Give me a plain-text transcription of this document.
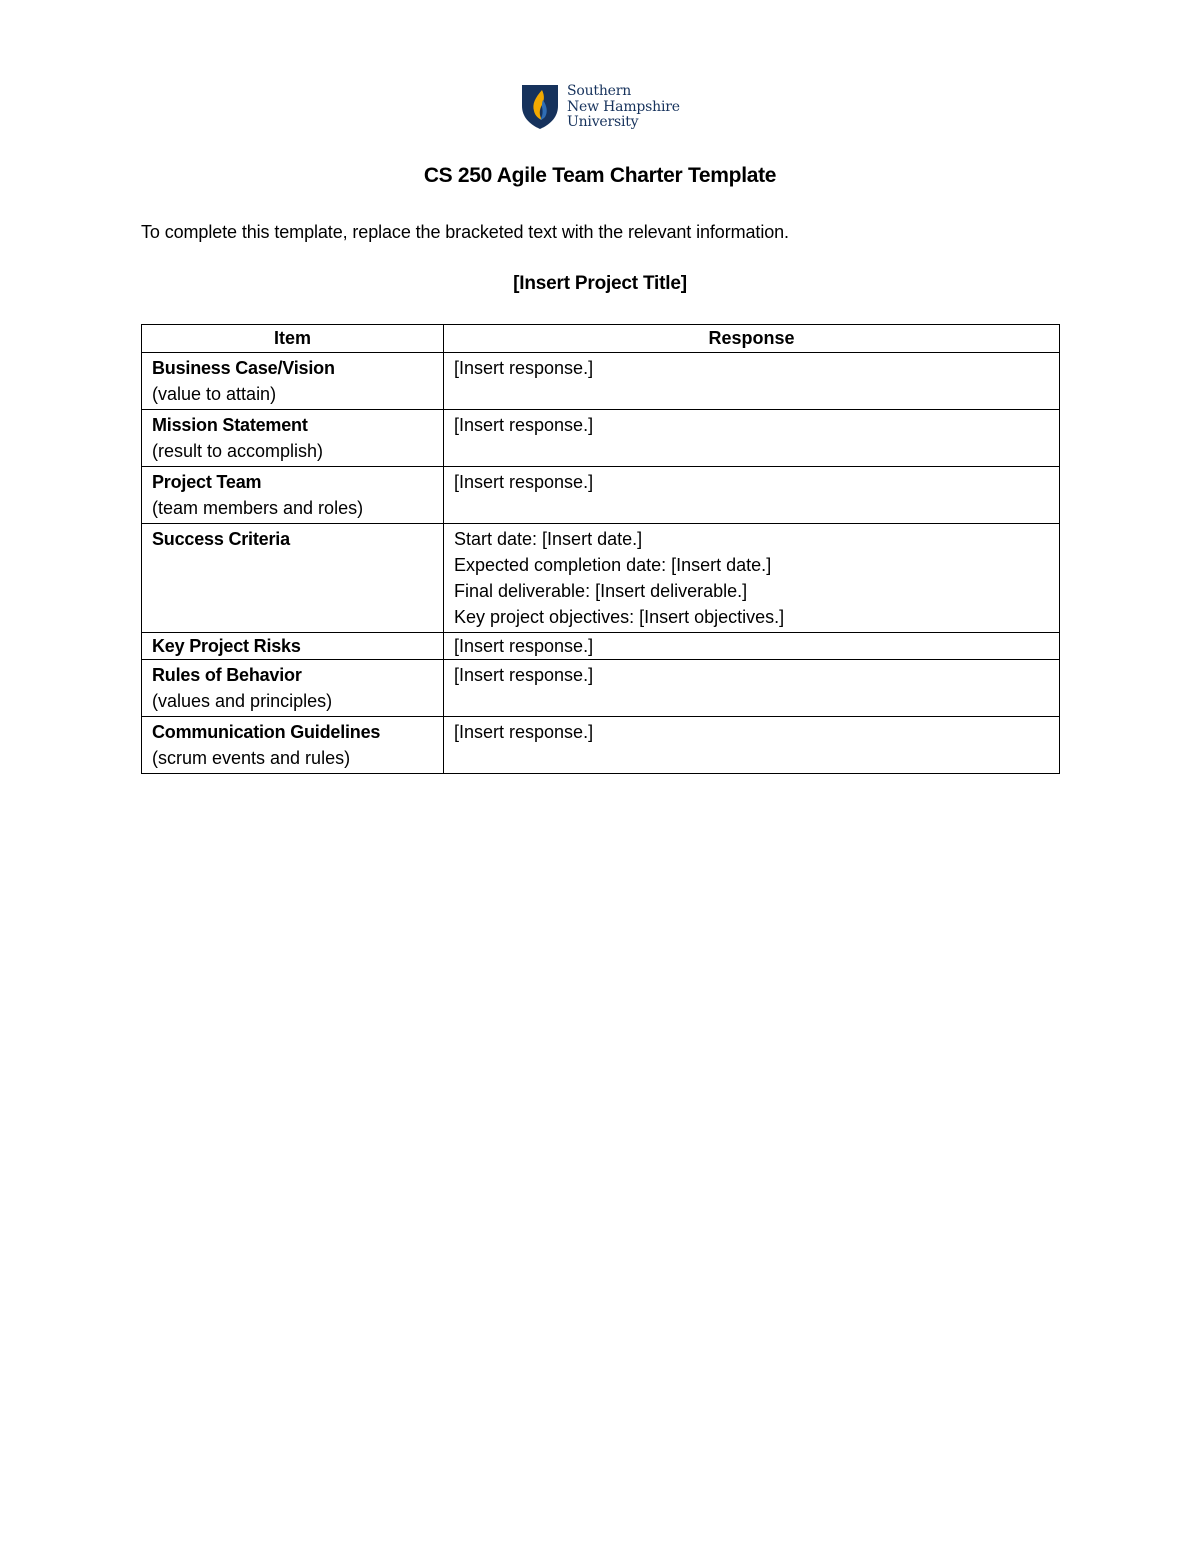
Southern
New Hampshire
University
CS 250 Agile Team Charter Template
To complete this template, replace the bracketed text with the relevant information.
[Insert Project Title]
Item	Response

Business Case/Vision
(value to attain)	[Insert response.]

Mission Statement
(result to accomplish)	[Insert response.]

Project Team
(team members and roles)	[Insert response.]

Success Criteria	Start date: [Insert date.]
Expected completion date: [Insert date.]
Final deliverable: [Insert deliverable.]
Key project objectives: [Insert objectives.]

Key Project Risks	[Insert response.]

Rules of Behavior
(values and principles)	[Insert response.]

Communication Guidelines
(scrum events and rules)	[Insert response.]
